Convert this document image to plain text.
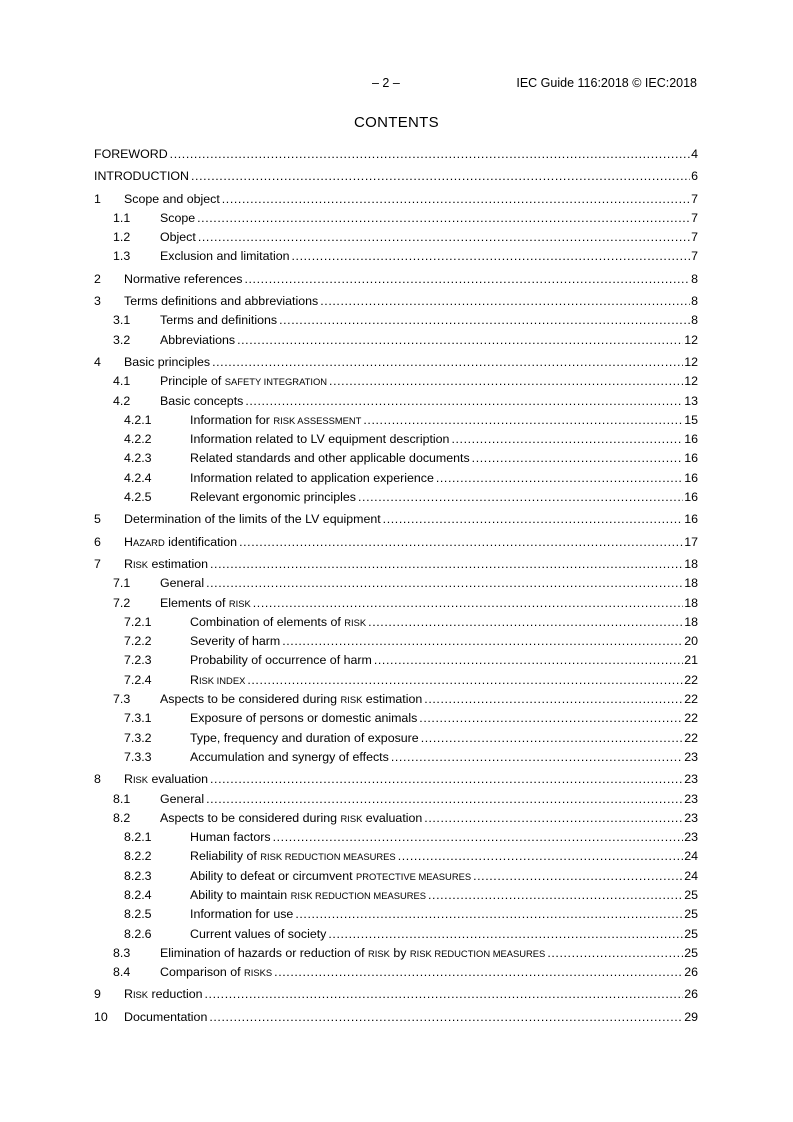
– 2 –	IEC Guide 116:2018 © IEC:2018
CONTENTS
FOREWORD .....	4
INTRODUCTION .....	6
1	Scope and object .....	7
1.1	Scope .....	7
1.2	Object .....	7
1.3	Exclusion and limitation .....	7
2	Normative references .....	8
3	Terms definitions and abbreviations .....	8
3.1	Terms and definitions .....	8
3.2	Abbreviations .....	12
4	Basic principles .....	12
4.1	Principle of SAFETY INTEGRATION .....	12
4.2	Basic concepts .....	13
4.2.1	Information for RISK ASSESSMENT .....	15
4.2.2	Information related to LV equipment description .....	16
4.2.3	Related standards and other applicable documents .....	16
4.2.4	Information related to application experience .....	16
4.2.5	Relevant ergonomic principles .....	16
5	Determination of the limits of the LV equipment .....	16
6	HAZARD identification .....	17
7	RISK estimation .....	18
7.1	General .....	18
7.2	Elements of RISK .....	18
7.2.1	Combination of elements of RISK .....	18
7.2.2	Severity of harm .....	20
7.2.3	Probability of occurrence of harm .....	21
7.2.4	RISK INDEX .....	22
7.3	Aspects to be considered during RISK estimation .....	22
7.3.1	Exposure of persons or domestic animals .....	22
7.3.2	Type, frequency and duration of exposure .....	22
7.3.3	Accumulation and synergy of effects .....	23
8	RISK evaluation .....	23
8.1	General .....	23
8.2	Aspects to be considered during RISK evaluation .....	23
8.2.1	Human factors .....	23
8.2.2	Reliability of RISK REDUCTION MEASURES .....	24
8.2.3	Ability to defeat or circumvent PROTECTIVE MEASURES .....	24
8.2.4	Ability to maintain RISK REDUCTION MEASURES .....	25
8.2.5	Information for use .....	25
8.2.6	Current values of society .....	25
8.3	Elimination of hazards or reduction of RISK by RISK REDUCTION MEASURES .....	25
8.4	Comparison of RISKS .....	26
9	RISK reduction .....	26
10	Documentation .....	29
